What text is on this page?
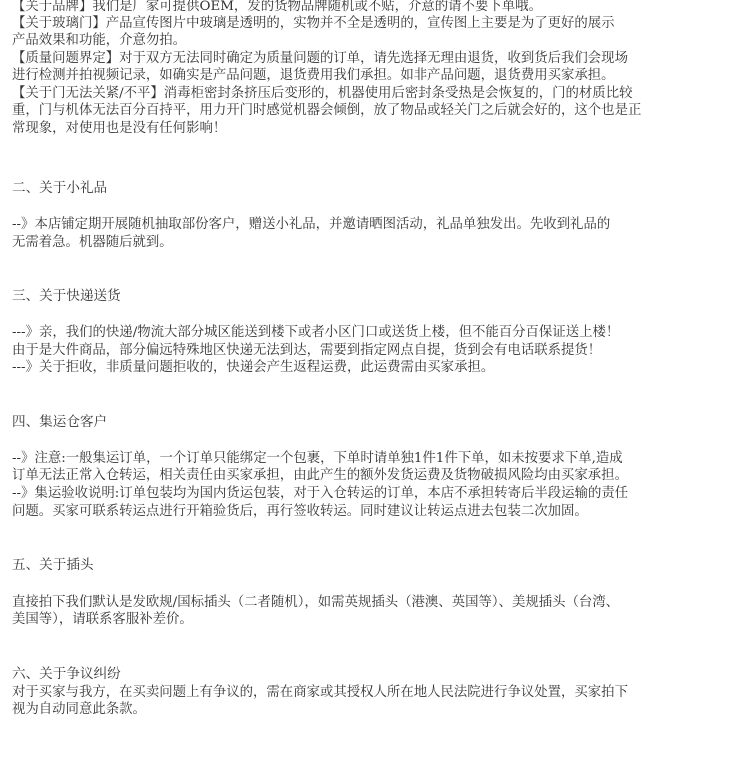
【关于品牌】我们是厂家可提供OEM，发的货物品牌随机或不贴，介意的请不要下单哦。
【关于玻璃门】产品宣传图片中玻璃是透明的，实物并不全是透明的，宣传图上主要是为了更好的展示
产品效果和功能，介意勿拍。
【质量问题界定】对于双方无法同时确定为质量问题的订单，请先选择无理由退货，收到货后我们会现场
进行检测并拍视频记录，如确实是产品问题，退货费用我们承担。如非产品问题，退货费用买家承担。
【关于门无法关紧/不平】消毒柜密封条挤压后变形的，机器使用后密封条受热是会恢复的，门的材质比较
重，门与机体无法百分百持平，用力开门时感觉机器会倾倒，放了物品或轻关门之后就会好的，这个也是正
常现象，对使用也是没有任何影响！
二、关于小礼品
--》本店铺定期开展随机抽取部份客户，赠送小礼品，并邀请晒图活动，礼品单独发出。先收到礼品的
无需着急。机器随后就到。
三、关于快递送货
---》亲，我们的快递/物流大部分城区能送到楼下或者小区门口或送货上楼，但不能百分百保证送上楼！
由于是大件商品，部分偏远特殊地区快递无法到达，需要到指定网点自提，货到会有电话联系提货！
---》关于拒收，非质量问题拒收的，快递会产生返程运费，此运费需由买家承担。
四、集运仓客户
--》注意:一般集运订单，一个订单只能绑定一个包裹，下单时请单独1件1件下单，如未按要求下单,造成
订单无法正常入仓转运，相关责任由买家承担，由此产生的额外发货运费及货物破损风险均由买家承担。
--》集运验收说明:订单包装均为国内货运包装，对于入仓转运的订单，本店不承担转寄后半段运输的责任
问题。买家可联系转运点进行开箱验货后，再行签收转运。同时建议让转运点进去包装二次加固。
五、关于插头
直接拍下我们默认是发欧规/国标插头（二者随机），如需英规插头（港澳、英国等）、美规插头（台湾、
美国等），请联系客服补差价。
六、关于争议纠纷
对于买家与我方，在买卖问题上有争议的，需在商家或其授权人所在地人民法院进行争议处置，买家拍下
视为自动同意此条款。
